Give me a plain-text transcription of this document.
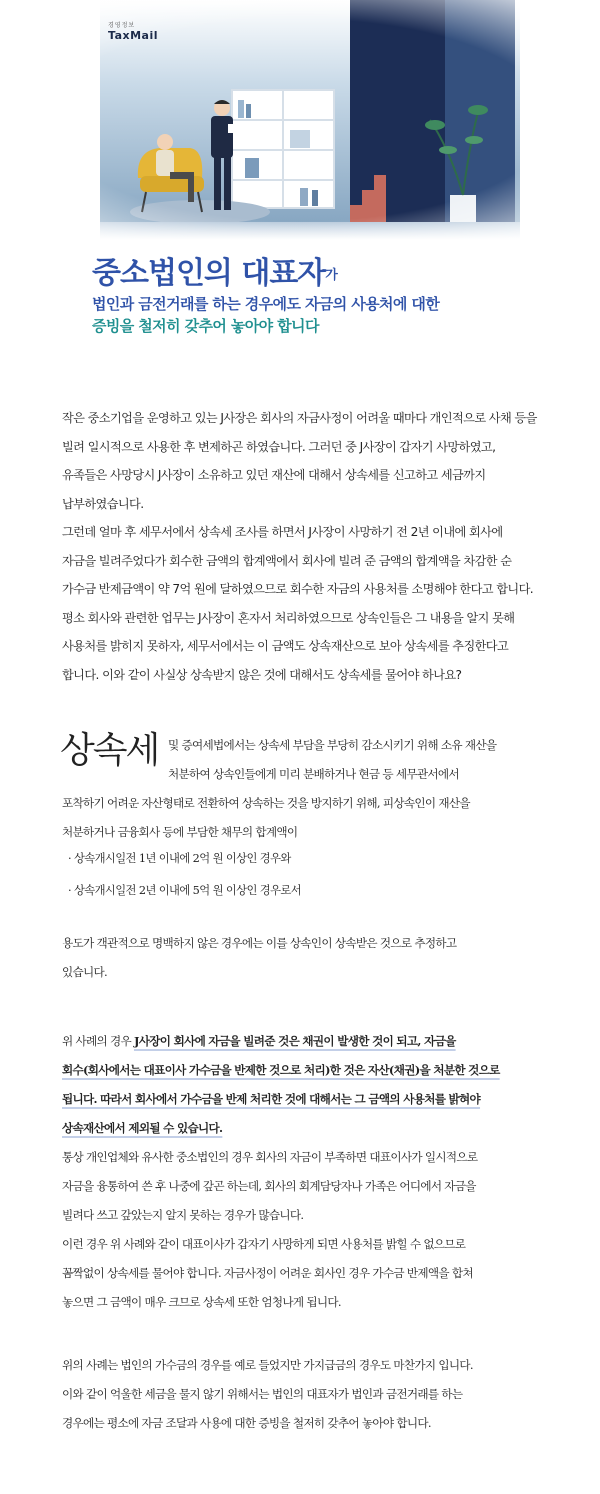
경영정보
TaxMail
중소법인의 대표자$^가$
법인과 금전거래를 하는 경우에도 자금의 사용처에 대한
증빙을 철저히 갖추어 놓아야 합니다
작은 중소기업을 운영하고 있는 J사장은 회사의 자금사정이 어려울 때마다 개인적으로 사채 등을
빌려 일시적으로 사용한 후 변제하곤 하였습니다. 그러던 중 J사장이 갑자기 사망하였고,
유족들은 사망당시 J사장이 소유하고 있던 재산에 대해서 상속세를 신고하고 세금까지
납부하였습니다.
그런데 얼마 후 세무서에서 상속세 조사를 하면서 J사장이 사망하기 전 2년 이내에 회사에
자금을 빌려주었다가 회수한 금액의 합계액에서 회사에 빌려 준 금액의 합계액을 차감한 순
가수금 반제금액이 약 7억 원에 달하였으므로 회수한 자금의 사용처를 소명해야 한다고 합니다.
평소 회사와 관련한 업무는 J사장이 혼자서 처리하였으므로 상속인들은 그 내용을 알지 못해
사용처를 밝히지 못하자, 세무서에서는 이 금액도 상속재산으로 보아 상속세를 추징한다고
합니다. 이와 같이 사실상 상속받지 않은 것에 대해서도 상속세를 물어야 하나요?
상속세 및 증여세법에서는 상속세 부담을 부당히 감소시키기 위해 소유 재산을
처분하여 상속인들에게 미리 분배하거나 현금 등 세무관서에서
포착하기 어려운 자산형태로 전환하여 상속하는 것을 방지하기 위해, 피상속인이 재산을
처분하거나 금융회사 등에 부담한 채무의 합계액이
· 상속개시일전 1년 이내에 2억 원 이상인 경우와
· 상속개시일전 2년 이내에 5억 원 이상인 경우로서
용도가 객관적으로 명백하지 않은 경우에는 이를 상속인이 상속받은 것으로 추정하고
있습니다.
위 사례의 경우 J사장이 회사에 자금을 빌려준 것은 채권이 발생한 것이 되고, 자금을
회수(회사에서는 대표이사 가수금을 반제한 것으로 처리)한 것은 자산(채권)을 처분한 것으로
됩니다. 따라서 회사에서 가수금을 반제 처리한 것에 대해서는 그 금액의 사용처를 밝혀야
상속재산에서 제외될 수 있습니다.
통상 개인업체와 유사한 중소법인의 경우 회사의 자금이 부족하면 대표이사가 일시적으로
자금을 융통하여 쓴 후 나중에 갚곤 하는데, 회사의 회계담당자나 가족은 어디에서 자금을
빌려다 쓰고 갚았는지 알지 못하는 경우가 많습니다.
이런 경우 위 사례와 같이 대표이사가 갑자기 사망하게 되면 사용처를 밝힐 수 없으므로
꼼짝없이 상속세를 물어야 합니다. 자금사정이 어려운 회사인 경우 가수금 반제액을 합쳐
놓으면 그 금액이 매우 크므로 상속세 또한 엄청나게 됩니다.
위의 사례는 법인의 가수금의 경우를 예로 들었지만 가지급금의 경우도 마찬가지 입니다.
이와 같이 억울한 세금을 물지 않기 위해서는 법인의 대표자가 법인과 금전거래를 하는
경우에는 평소에 자금 조달과 사용에 대한 증빙을 철저히 갖추어 놓아야 합니다.
